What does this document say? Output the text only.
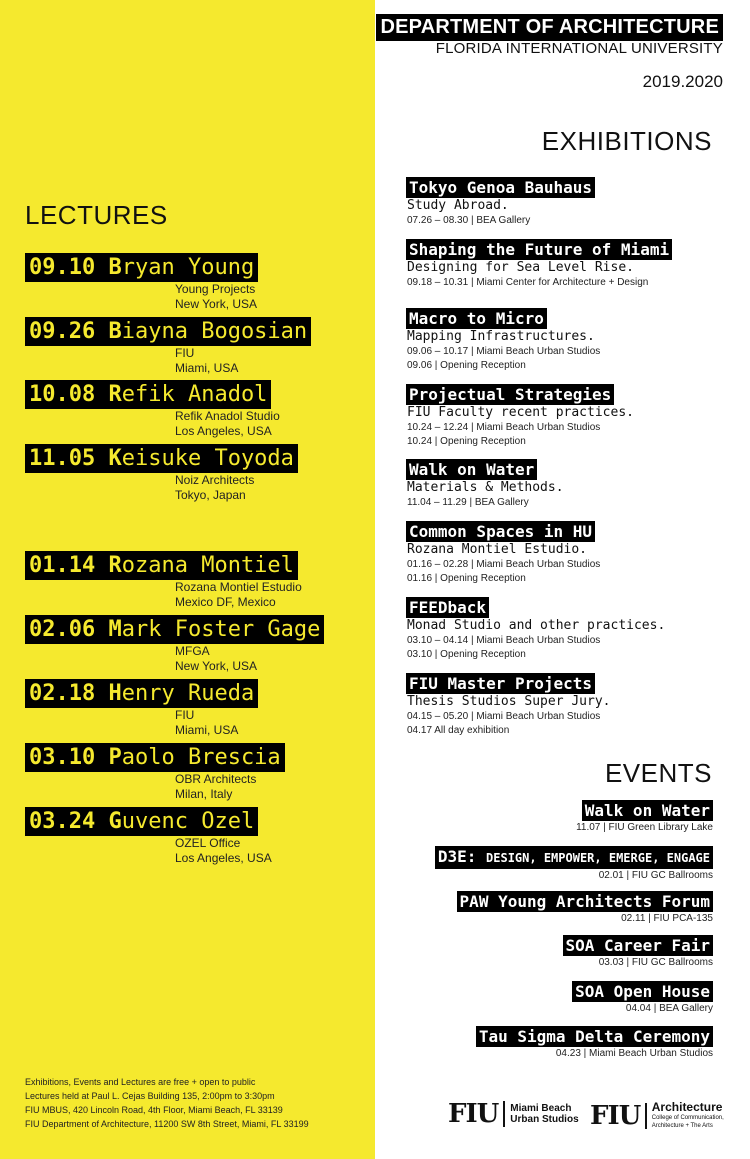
DEPARTMENT OF ARCHITECTURE
FLORIDA INTERNATIONAL UNIVERSITY
2019.2020
LECTURES
EXHIBITIONS
EVENTS
09.10 Bryan Young
Young Projects
New York, USA
09.26 Biayna Bogosian
FIU
Miami, USA
10.08 Refik Anadol
Refik Anadol Studio
Los Angeles, USA
11.05 Keisuke Toyoda
Noiz Architects
Tokyo, Japan
01.14 Rozana Montiel
Rozana Montiel Estudio
Mexico DF, Mexico
02.06 Mark Foster Gage
MFGA
New York, USA
02.18 Henry Rueda
FIU
Miami, USA
03.10 Paolo Brescia
OBR Architects
Milan, Italy
03.24 Guvenc Ozel
OZEL Office
Los Angeles, USA
Tokyo Genoa Bauhaus
Study Abroad.
07.26 – 08.30 | BEA Gallery
Shaping the Future of Miami
Designing for Sea Level Rise.
09.18 – 10.31 | Miami Center for Architecture + Design
Macro to Micro
Mapping Infrastructures.
09.06 – 10.17 | Miami Beach Urban Studios
09.06 | Opening Reception
Projectual Strategies
FIU Faculty recent practices.
10.24 – 12.24 | Miami Beach Urban Studios
10.24 | Opening Reception
Walk on Water
Materials & Methods.
11.04 – 11.29 | BEA Gallery
Common Spaces in HU
Rozana Montiel Estudio.
01.16 – 02.28 | Miami Beach Urban Studios
01.16 | Opening Reception
FEEDback
Monad Studio and other practices.
03.10 – 04.14 | Miami Beach Urban Studios
03.10 | Opening Reception
FIU Master Projects
Thesis Studios Super Jury.
04.15 – 05.20 | Miami Beach Urban Studios
04.17 All day exhibition
Walk on Water
11.07 | FIU Green Library Lake
D3E: DESIGN, EMPOWER, EMERGE, ENGAGE
02.01 | FIU GC Ballrooms
PAW Young Architects Forum
02.11 | FIU PCA-135
SOA Career Fair
03.03 | FIU GC Ballrooms
SOA Open House
04.04 | BEA Gallery
Tau Sigma Delta Ceremony
04.23 | Miami Beach Urban Studios
Exhibitions, Events and Lectures are free + open to public
Lectures held at Paul L. Cejas Building 135, 2:00pm to 3:30pm
FIU MBUS, 420 Lincoln Road, 4th Floor, Miami Beach, FL 33139
FIU Department of Architecture, 11200 SW 8th Street, Miami, FL 33199	FIU Miami Beach
Urban Studios FIU Architecture
College of Communication, Architecture + The Arts
